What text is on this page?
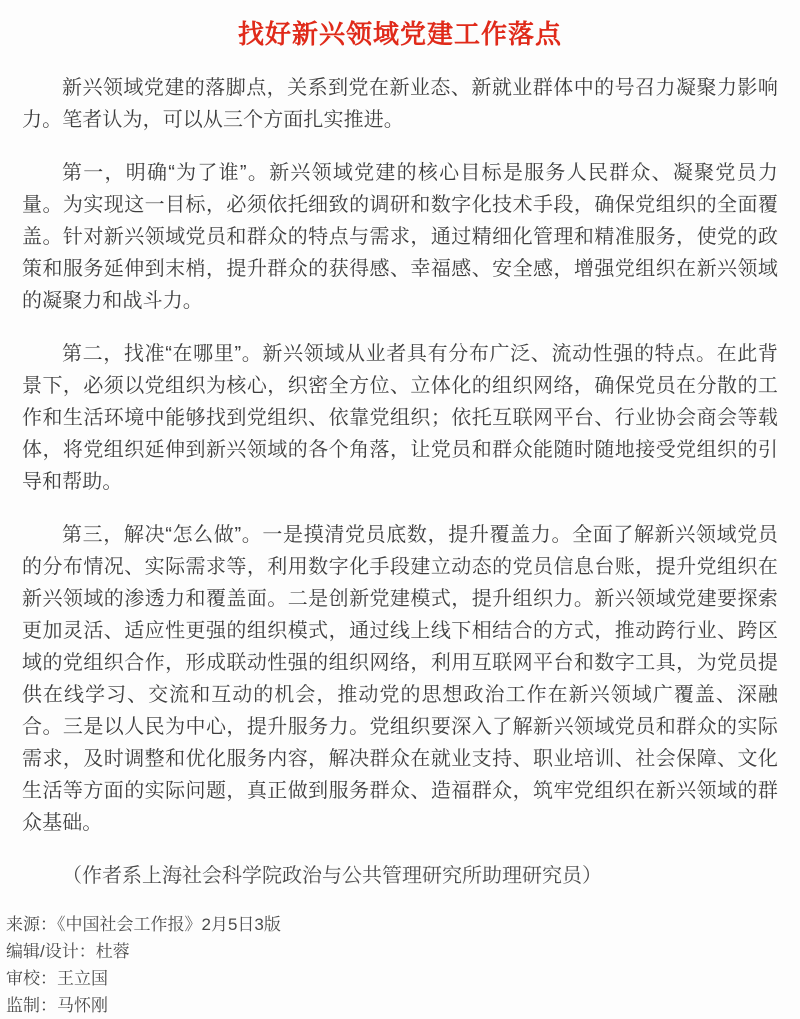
找好新兴领域党建工作落点

新兴领域党建的落脚点，关系到党在新业态、新就业群体中的号召力凝聚力影响力。笔者认为，可以从三个方面扎实推进。

第一，明确“为了谁”。新兴领域党建的核心目标是服务人民群众、凝聚党员力量。为实现这一目标，必须依托细致的调研和数字化技术手段，确保党组织的全面覆盖。针对新兴领域党员和群众的特点与需求，通过精细化管理和精准服务，使党的政策和服务延伸到末梢，提升群众的获得感、幸福感、安全感，增强党组织在新兴领域的凝聚力和战斗力。

第二，找准“在哪里”。新兴领域从业者具有分布广泛、流动性强的特点。在此背景下，必须以党组织为核心，织密全方位、立体化的组织网络，确保党员在分散的工作和生活环境中能够找到党组织、依靠党组织；依托互联网平台、行业协会商会等载体，将党组织延伸到新兴领域的各个角落，让党员和群众能随时随地接受党组织的引导和帮助。

第三，解决“怎么做”。一是摸清党员底数，提升覆盖力。全面了解新兴领域党员的分布情况、实际需求等，利用数字化手段建立动态的党员信息台账，提升党组织在新兴领域的渗透力和覆盖面。二是创新党建模式，提升组织力。新兴领域党建要探索更加灵活、适应性更强的组织模式，通过线上线下相结合的方式，推动跨行业、跨区域的党组织合作，形成联动性强的组织网络，利用互联网平台和数字工具，为党员提供在线学习、交流和互动的机会，推动党的思想政治工作在新兴领域广覆盖、深融合。三是以人民为中心，提升服务力。党组织要深入了解新兴领域党员和群众的实际需求，及时调整和优化服务内容，解决群众在就业支持、职业培训、社会保障、文化生活等方面的实际问题，真正做到服务群众、造福群众，筑牢党组织在新兴领域的群众基础。

（作者系上海社会科学院政治与公共管理研究所助理研究员）

来源：《中国社会工作报》2月5日3版

编辑/设计：杜蓉

审校：王立国

监制：马怀刚
